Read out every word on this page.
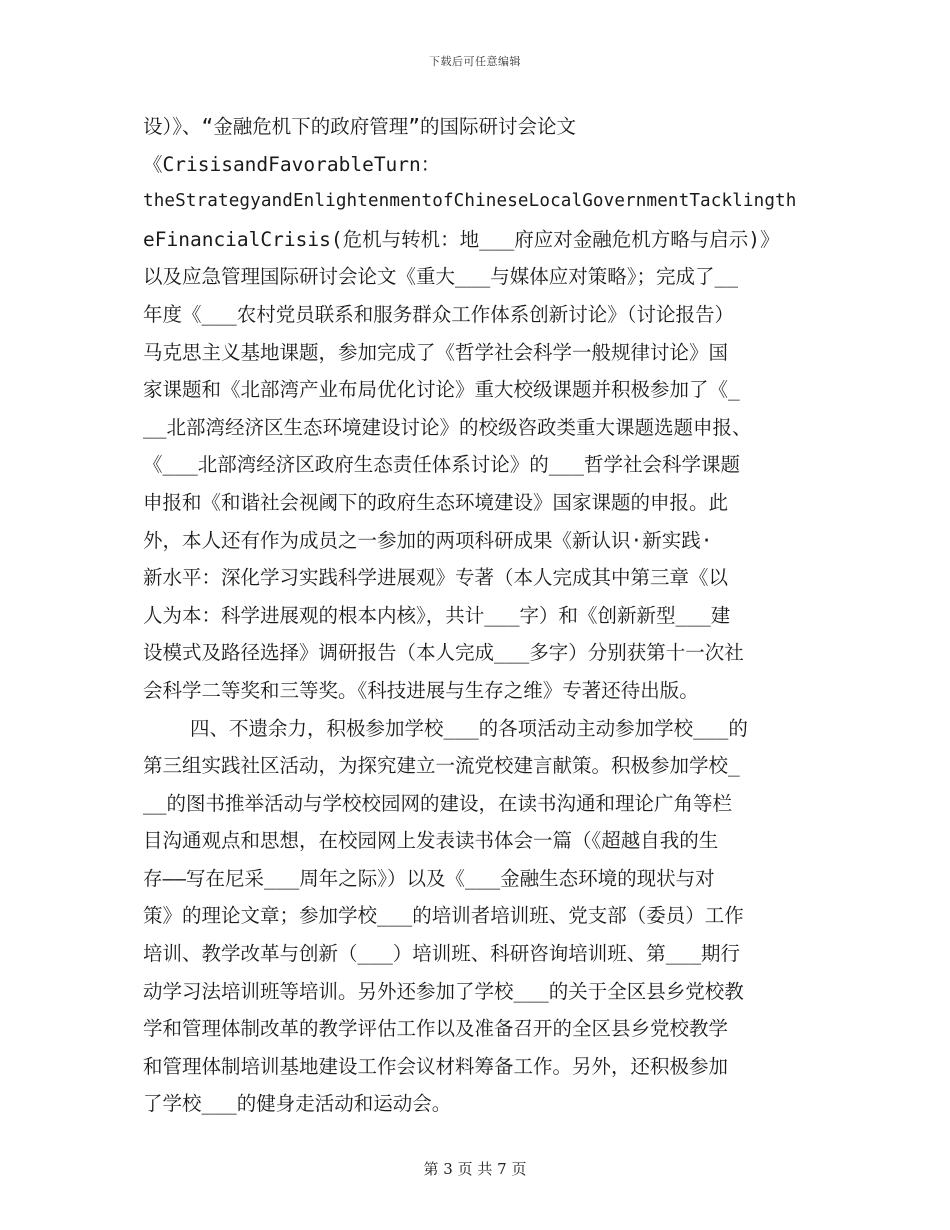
下载后可任意编辑
设）》、“金融危机下的政府管理”的国际研讨会论文
《CrisisandFavorableTurn：
theStrategyandEnlightenmentofChineseLocalGovernmentTacklingth
eFinancialCrisis(危机与转机：地___府应对金融危机方略与启示)》
以及应急管理国际研讨会论文《重大___与媒体应对策略》；完成了__
年度《___农村党员联系和服务群众工作体系创新讨论》（讨论报告）
马克思主义基地课题，参加完成了《哲学社会科学一般规律讨论》国
家课题和《北部湾产业布局优化讨论》重大校级课题并积极参加了《_
__北部湾经济区生态环境建设讨论》的校级咨政类重大课题选题申报、
《___北部湾经济区政府生态责任体系讨论》的___哲学社会科学课题
申报和《和谐社会视阈下的政府生态环境建设》国家课题的申报。此
外，本人还有作为成员之一参加的两项科研成果《新认识·新实践·
新水平：深化学习实践科学进展观》专著（本人完成其中第三章《以
人为本：科学进展观的根本内核》，共计___字）和《创新新型___建
设模式及路径选择》调研报告（本人完成___多字）分别获第十一次社
会科学二等奖和三等奖。《科技进展与生存之维》专著还待出版。
四、不遗余力，积极参加学校___的各项活动主动参加学校___的
第三组实践社区活动，为探究建立一流党校建言献策。积极参加学校_
__的图书推举活动与学校校园网的建设，在读书沟通和理论广角等栏
目沟通观点和思想，在校园网上发表读书体会一篇（《超越自我的生
存——写在尼采___周年之际》）以及《___金融生态环境的现状与对
策》的理论文章；参加学校___的培训者培训班、党支部（委员）工作
培训、教学改革与创新（___）培训班、科研咨询培训班、第___期行
动学习法培训班等培训。另外还参加了学校___的关于全区县乡党校教
学和管理体制改革的教学评估工作以及准备召开的全区县乡党校教学
和管理体制培训基地建设工作会议材料筹备工作。另外，还积极参加
了学校___的健身走活动和运动会。
第 3 页 共 7 页
